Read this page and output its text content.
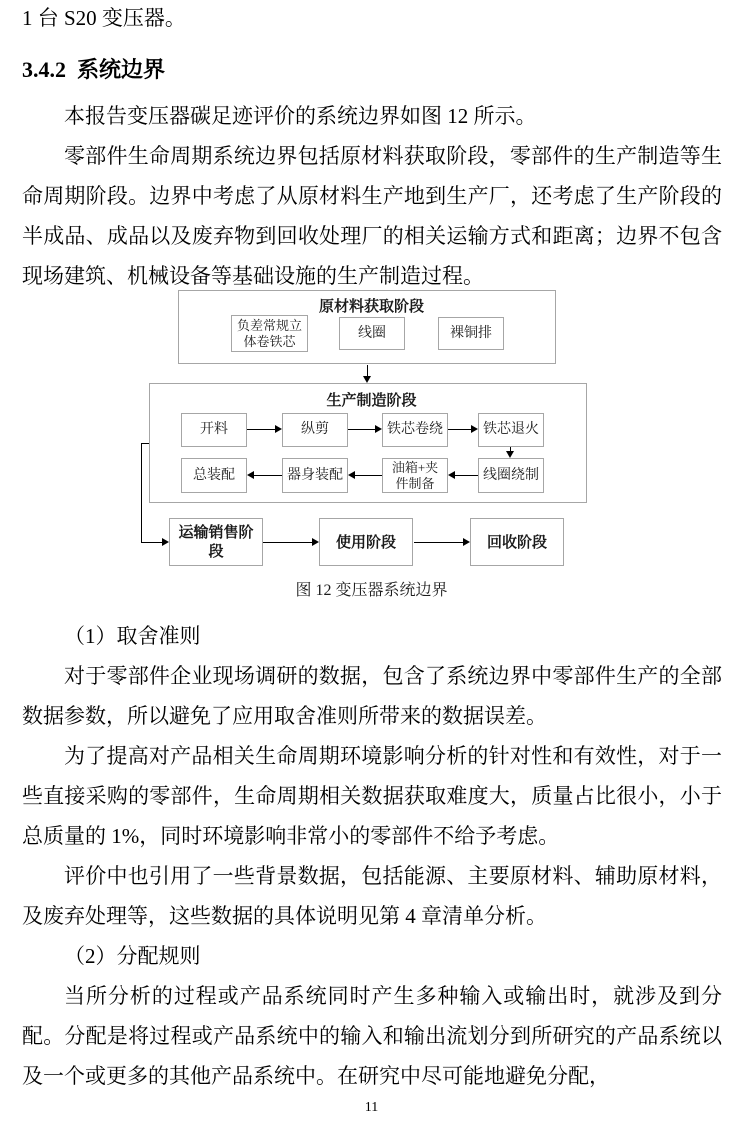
1 台 S20 变压器。
3.4.2  系统边界

本报告变压器碳足迹评价的系统边界如图 12 所示。

零部件生命周期系统边界包括原材料获取阶段，零部件的生产制造等生命周期阶段。边界中考虑了从原材料生产地到生产厂，还考虑了生产阶段的半成品、成品以及废弃物到回收处理厂的相关运输方式和距离；边界不包含现场建筑、机械设备等基础设施的生产制造过程。

原材料获取阶段
负差常规立体卷铁芯
线圈	裸铜排
生产制造阶段
开料	纵剪	铁芯卷绕	铁芯退火
总装配	器身装配
油箱+夹件制备
线圈绕制
运输销售阶段
使用阶段	回收阶段
图 12 变压器系统边界

（1）取舍准则

对于零部件企业现场调研的数据，包含了系统边界中零部件生产的全部数据参数，所以避免了应用取舍准则所带来的数据误差。

为了提高对产品相关生命周期环境影响分析的针对性和有效性，对于一些直接采购的零部件，生命周期相关数据获取难度大，质量占比很小，小于总质量的 1%，同时环境影响非常小的零部件不给予考虑。

评价中也引用了一些背景数据，包括能源、主要原材料、辅助原材料，及废弃处理等，这些数据的具体说明见第 4 章清单分析。

（2）分配规则

当所分析的过程或产品系统同时产生多种输入或输出时，就涉及到分配。分配是将过程或产品系统中的输入和输出流划分到所研究的产品系统以及一个或更多的其他产品系统中。在研究中尽可能地避免分配，

11
